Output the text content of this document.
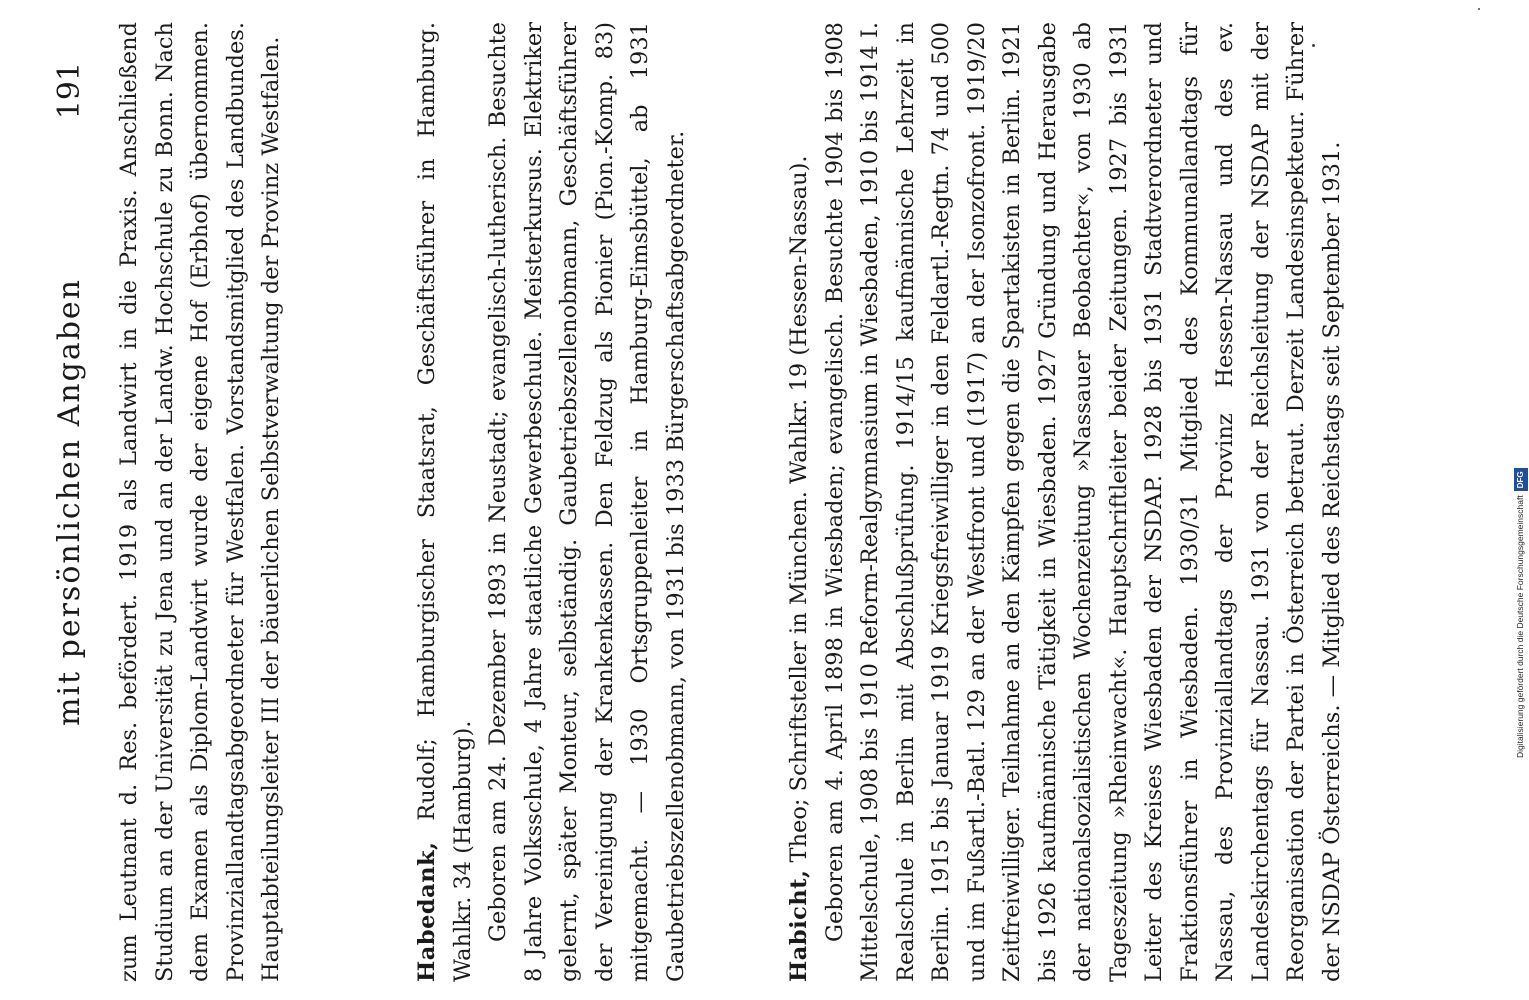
mit persönlichen Angaben
191 zum Leutnant d. Res. befördert. 1919 als Landwirt in die Praxis. Anschließend Studium an der Universität zu Jena und an der Landw. Hochschule zu Bonn. Nach dem Examen als Diplom-Landwirt wurde der eigene Hof (Erbhof) übernommen. Provinziallandtagsabgeordneter für Westfalen. Vorstandsmitglied des Landbundes. Hauptabteilungsleiter III der bäuerlichen Selbstverwaltung der Provinz Westfalen.	Habedank, Rudolf; Hamburgischer Staatsrat, Geschäftsführer in Hamburg. Wahlkr. 34 (Hamburg). Geboren am 24. Dezember 1893 in Neustadt; evangelisch-lutherisch. Besuchte 8 Jahre Volksschule, 4 Jahre staatliche Gewerbeschule. Meisterkursus. Elektriker gelernt, später Monteur, selbständig. Gaubetriebszellenobmann, Geschäftsführer der Vereinigung der Krankenkassen. Den Feldzug als Pionier (Pion.-Komp. 83) mitgemacht. — 1930 Ortsgruppenleiter in Hamburg-Eimsbüttel, ab 1931 Gaubetriebszellenobmann, von 1931 bis 1933 Bürgerschaftsabgeordneter.	Habicht, Theo; Schriftsteller in München. Wahlkr. 19 (Hessen-Nassau). Geboren am 4. April 1898 in Wiesbaden; evangelisch. Besuchte 1904 bis 1908 Mittelschule, 1908 bis 1910 Reform-Realgymnasium in Wiesbaden, 1910 bis 1914 I. Realschule in Berlin mit Abschlußprüfung. 1914/15 kaufmännische Lehrzeit in Berlin. 1915 bis Januar 1919 Kriegsfreiwilliger in den Feldartl.-Regtn. 74 und 500 und im Fußartl.-Batl. 129 an der Westfront und (1917) an der Isonzofront. 1919/20 Zeitfreiwilliger. Teilnahme an den Kämpfen gegen die Spartakisten in Berlin. 1921 bis 1926 kaufmännische Tätigkeit in Wiesbaden. 1927 Gründung und Herausgabe der nationalsozialistischen Wochenzeitung »Nassauer Beobachter«, von 1930 ab Tageszeitung »Rheinwacht«. Hauptschriftleiter beider Zeitungen. 1927 bis 1931 Leiter des Kreises Wiesbaden der NSDAP. 1928 bis 1931 Stadtverordneter und Fraktionsführer in Wiesbaden. 1930/31 Mitglied des Kommunallandtags für Nassau, des Provinziallandtags der Provinz Hessen-Nassau und des ev. Landeskirchentags für Nassau. 1931 von der Reichsleitung der NSDAP mit der Reorganisation der Partei in Österreich betraut. Derzeit Landesinspekteur. Führer der NSDAP Österreichs. — Mitglied des Reichstags seit September 1931.	Digitalisierung gefördert durch die Deutsche ForschungsgemeinschaftDFG
